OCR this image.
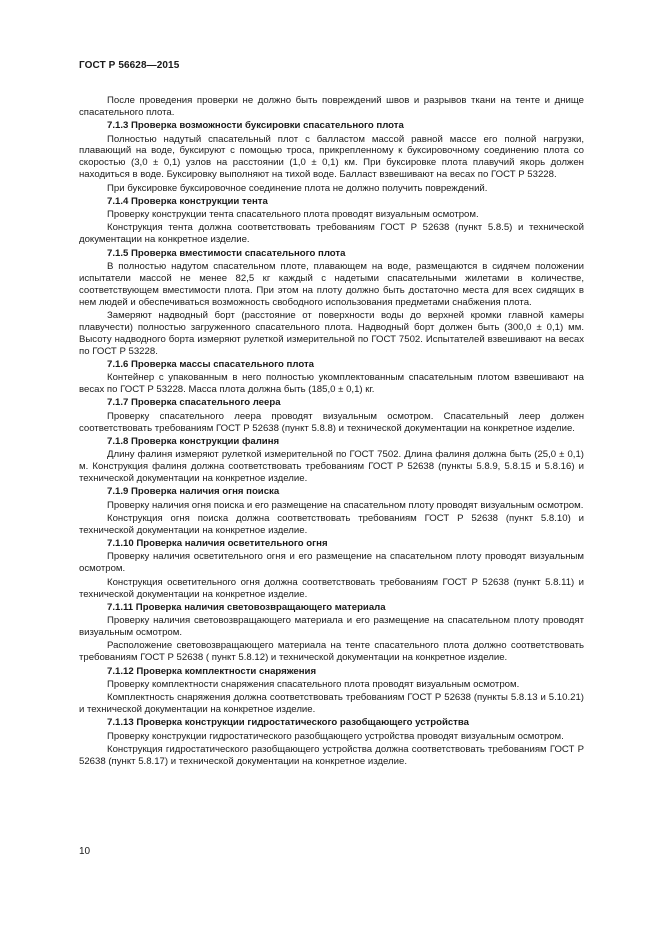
ГОСТ Р 56628—2015

После проведения проверки не должно быть повреждений швов и разрывов ткани на тенте и днище спасательного плота.

7.1.3 Проверка возможности буксировки спасательного плота

Полностью надутый спасательный плот с балластом массой равной массе его полной нагрузки, плавающий на воде, буксируют с помощью троса, прикрепленному к буксировочному соединению плота со скоростью (3,0 ± 0,1) узлов на расстоянии (1,0 ± 0,1) км. При буксировке плота плавучий якорь должен находиться в воде. Буксировку выполняют на тихой воде. Балласт взвешивают на весах по ГОСТ Р 53228.

При буксировке буксировочное соединение плота не должно получить повреждений.

7.1.4 Проверка конструкции тента

Проверку конструкции тента спасательного плота проводят визуальным осмотром.

Конструкция тента должна соответствовать требованиям ГОСТ Р 52638 (пункт 5.8.5) и технической документации на конкретное изделие.

7.1.5 Проверка вместимости спасательного плота

В полностью надутом спасательном плоте, плавающем на воде, размещаются в сидячем положении испытатели массой не менее 82,5 кг каждый с надетыми спасательными жилетами в количестве, соответствующем вместимости плота. При этом на плоту должно быть достаточно места для всех сидящих в нем людей и обеспечиваться возможность свободного использования предметами снабжения плота.

Замеряют надводный борт (расстояние от поверхности воды до верхней кромки главной камеры плавучести) полностью загруженного спасательного плота. Надводный борт должен быть (300,0 ± 0,1) мм. Высоту надводного борта измеряют рулеткой измерительной по ГОСТ 7502. Испытателей взвешивают на весах по ГОСТ Р 53228.

7.1.6 Проверка массы спасательного плота

Контейнер с упакованным в него полностью укомплектованным спасательным плотом взвешивают на весах по ГОСТ Р 53228. Масса плота должна быть (185,0 ± 0,1) кг.

7.1.7 Проверка спасательного леера

Проверку спасательного леера проводят визуальным осмотром. Спасательный леер должен соответствовать требованиям ГОСТ Р 52638 (пункт 5.8.8) и технической документации на конкретное изделие.

7.1.8 Проверка конструкции фалиня

Длину фалиня измеряют рулеткой измерительной по ГОСТ 7502. Длина фалиня должна быть (25,0 ± 0,1) м. Конструкция фалиня должна соответствовать требованиям ГОСТ Р 52638 (пункты 5.8.9, 5.8.15 и 5.8.16) и технической документации на конкретное изделие.

7.1.9 Проверка наличия огня поиска

Проверку наличия огня поиска и его размещение на спасательном плоту проводят визуальным осмотром.

Конструкция огня поиска должна соответствовать требованиям ГОСТ Р 52638 (пункт 5.8.10) и технической документации на конкретное изделие.

7.1.10 Проверка наличия осветительного огня

Проверку наличия осветительного огня и его размещение на спасательном плоту проводят визуальным осмотром.

Конструкция осветительного огня должна соответствовать требованиям ГОСТ Р 52638 (пункт 5.8.11) и технической документации на конкретное изделие.

7.1.11 Проверка наличия световозвращающего материала

Проверку наличия световозвращающего материала и его размещение на спасательном плоту проводят визуальным осмотром.

Расположение световозвращающего материала на тенте спасательного плота должно соответствовать требованиям ГОСТ Р 52638 ( пункт 5.8.12) и технической документации на конкретное изделие.

7.1.12 Проверка комплектности снаряжения

Проверку комплектности снаряжения спасательного плота проводят визуальным осмотром.

Комплектность снаряжения должна соответствовать требованиям ГОСТ Р 52638 (пункты 5.8.13 и 5.10.21) и технической документации на конкретное изделие.

7.1.13 Проверка конструкции гидростатического разобщающего устройства

Проверку конструкции гидростатического разобщающего устройства проводят визуальным осмотром.

Конструкция гидростатического разобщающего устройства должна соответствовать требованиям ГОСТ Р 52638 (пункт 5.8.17) и технической документации на конкретное изделие.

10
